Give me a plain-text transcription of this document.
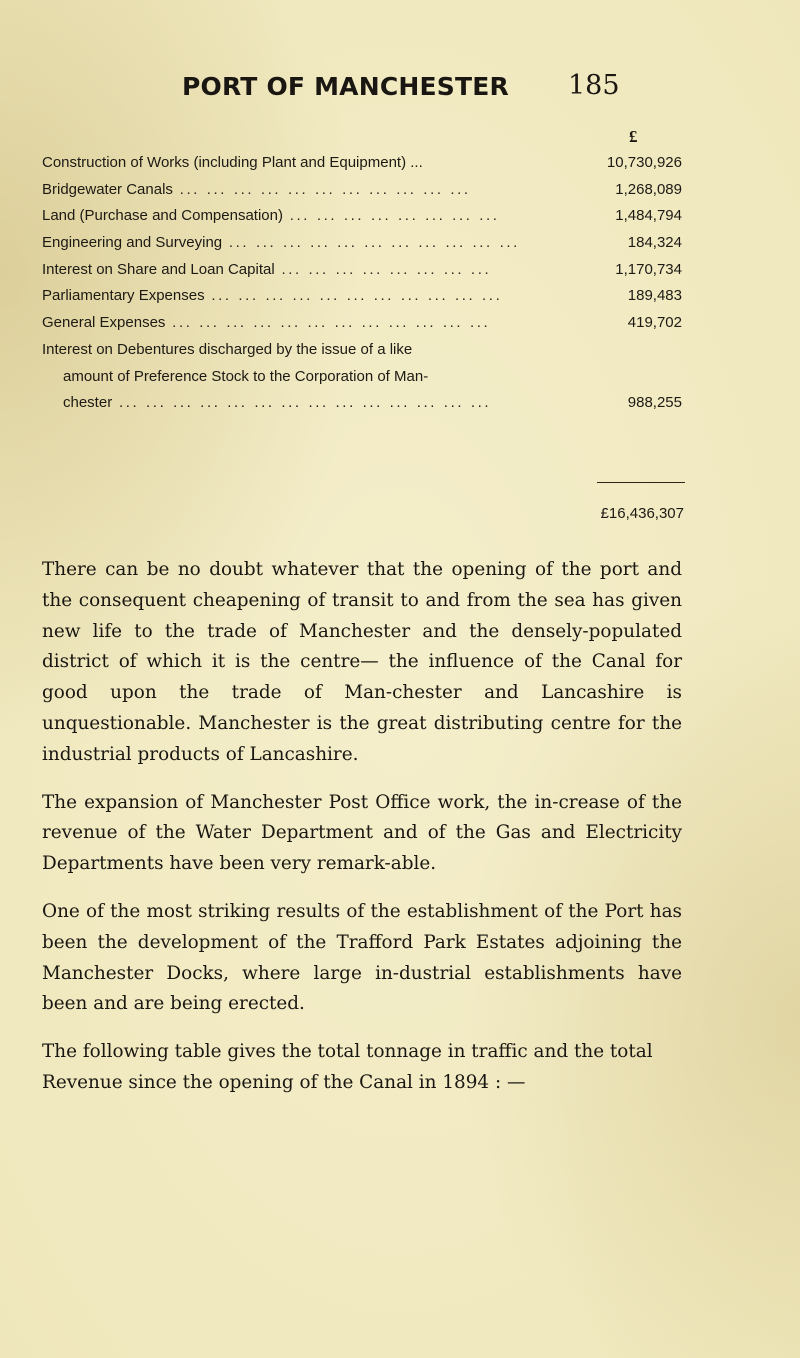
PORT OF MANCHESTER 185
£
Construction of Works (including Plant and Equipment) ...	10,730,926
Bridgewater Canals ... ... ... ... ... ... ... ... ... ... ...	1,268,089
Land (Purchase and Compensation) ... ... ... ... ... ... ... ...	1,484,794
Engineering and Surveying ... ... ... ... ... ... ... ... ... ... ...	184,324
Interest on Share and Loan Capital ... ... ... ... ... ... ... ...	1,170,734
Parliamentary Expenses ... ... ... ... ... ... ... ... ... ... ...	189,483
General Expenses ... ... ... ... ... ... ... ... ... ... ... ...	419,702
Interest on Debentures discharged by the issue of a like
amount of Preference Stock to the Corporation of Man-
chester ... ... ... ... ... ... ... ... ... ... ... ... ... ...	988,255
£16,436,307

There can be no doubt whatever that the opening of the port and the consequent cheapening of transit to and from the sea has given new life to the trade of Manchester and the densely-populated district of which it is the centre— the influence of the Canal for good upon the trade of Man-chester and Lancashire is unquestionable. Manchester is the great distributing centre for the industrial products of Lancashire.

The expansion of Manchester Post Office work, the in-crease of the revenue of the Water Department and of the Gas and Electricity Departments have been very remark-able.

One of the most striking results of the establishment of the Port has been the development of the Trafford Park Estates adjoining the Manchester Docks, where large in-dustrial establishments have been and are being erected.

The following table gives the total tonnage in traffic and the total Revenue since the opening of the Canal in 1894 : —
